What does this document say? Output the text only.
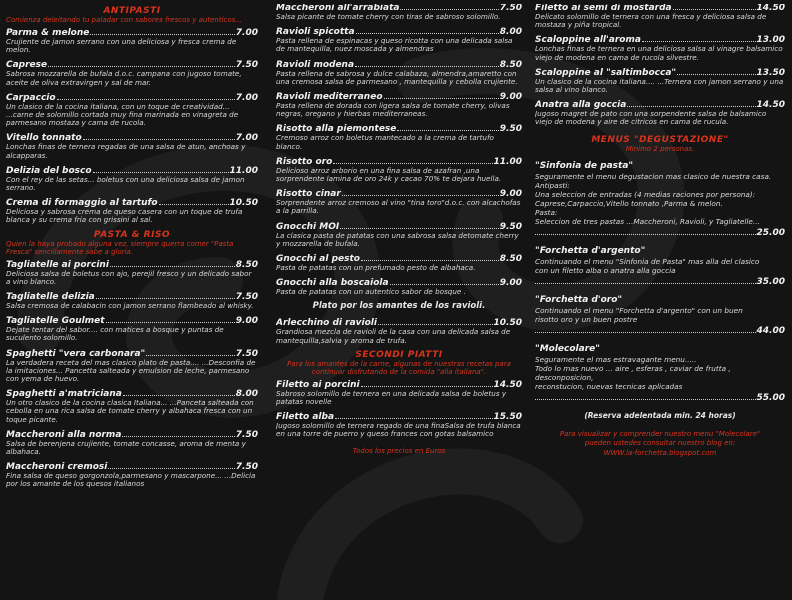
ANTIPASTI
Comienza deleitando tu paladar con sabores frescos y autenticos...
Parma & melone	7.00
Crujiente de jamon serrano con una deliciosa y fresca crema de melon.
Caprese	7.50
Sabrosa mozzarella de bufala d.o.c. campana con jugoso tomate, aceite de oliva extravirgen y sal de mar.
Carpaccio	7.00
Un clasico de la cocina italiana, con un toque de creatividad... ...carne de solomillo cortada muy fina marinada en vinagreta de parmesano mostaza y cama de rucola.
Vitello tonnato	7.00
Lonchas finas de ternera regadas de una salsa de atun, anchoas y alcapparas.
Delizia del bosco	11.00
Con el rey de las setas... boletus con una deliciosa salsa de jamon serrano.
Crema di formaggio al tartufo	10.50
Deliciosa y sabrosa crema de queso casera con un toque de trufa blanca y su crema fria con grissini al sal.
PASTA & RISO
Quien la haya probado alguna vez, siempre querra comer "Pasta Fresca" sencillamente sabe a gloria.
Tagliatelle ai porcini	8.50
Deliciosa salsa de boletus con ajo, perejil fresco y un delicado sabor a vino blanco.
Tagliatelle delizia	7.50
Salsa cremosa de calabacin con jamon serrano flambeado al whisky.
Tagliatelle Goulmet	9.00
Dejate tentar del sabor.... con matices a bosque y puntas de suculento solomillo.
Spaghetti "vera carbonara"	7.50
La verdadera receta del mas clasico plato de pasta.... ...Desconfia de la imitaciones... Pancetta salteada y emulsion de leche, parmesano con yema de huevo.
Spaghetti a'matriciana	8.00
Un otro clasico de la cocina clasica Italiana... ...Panceta salteada con cebolla en una rica salsa de tomate cherry y albahaca fresca con un toque picante.
Maccheroni alla norma	7.50
Salsa de berenjena crujiente, tomate concasse, aroma de menta y albahaca.
Maccheroni cremosi	7.50
Fina salsa de queso gorgonzola,parmesano y mascarpone... ...Delicia por los amante de los quesos italianos
Maccheroni all'arrabiata	7.50
Salsa picante de tomate cherry con tiras de sabroso solomillo.
Ravioli spicotta	8.00
Pasta rellena de espinacas y queso ricotta con una delicada salsa de mantequilla, nuez moscada y almendras
Ravioli modena	8.50
Pasta rellena de sabrosa y dulce calabaza, almendra,amaretto con una cremosa salsa de parmesano , mantequilla y cebolla crujiente.
Ravioli mediterraneo	9.00
Pasta rellena de dorada con ligera salsa de tomate cherry, olivas negras, oregano y hierbas mediterraneas.
Risotto alla piemontese	9.50
Cremoso arroz con boletus mantecado a la crema de tartufo blanco.
Risotto oro	11.00
Delicioso arroz arborio en una fina salsa de azafran ,una sorprendente lamina de oro 24k y cacao 70% te dejara huella.
Risotto cinar	9.00
Sorprendente arroz cremoso al vino "tina toro"d.o.c. con alcachofas a la parrilla.
Gnocchi MOI	9.50
La clasica pasta de patatas con una sabrosa salsa detomate cherry y mozzarella de bufala.
Gnocchi al pesto	8.50
Pasta de patatas con un prefumado pesto de albahaca.
Gnocchi alla boscaiola	9.00
Pasta de patatas con un autentico sabor de bosque .
Plato por los amantes de los ravioli.
Arlecchino di ravioli	10.50
Grandiosa mezcla de ravioli de la casa con una delicada salsa de mantequilla,salvia y aroma de trufa.
SECONDI PIATTI
Para los amantes de la carne, algunas de nuestras recetas para continuar disfrutando de la comida "alla italiana".
Filetto ai porcini	14.50
Sabroso solomillo de ternera en una delicada salsa de boletus y patatas novelle
Filetto alba	15.50
Jugoso solomillo de ternera regado de una finaSalsa de trufa blanca en una torre de puerro y queso frances con gotas balsamico
Todos los precios en Euros
Filetto ai semi di mostarda	14.50
Delicato solomillo de ternera con una fresca y deliciosa salsa de mostaza y piña tropical.
Scaloppine all'aroma	13.00
Lonchas finas de ternera en una deliciosa salsa al vinagre balsamico viejo de modena en cama de rucola silvestre.
Scaloppine al "saltimbocca"	13.50
Un clasico de la cocina italiana.... ...Ternera con jamon serrano y una salsa al vino blanco.
Anatra alla goccia	14.50
Jugoso magret de pato con una sorpendente salsa de balsamico viejo de modena y aire de citricos en cama de rucula.
MENUS "DEGUSTAZIONE"
Minimo 2 personas.
"Sinfonia de pasta"
Seguramente el menu degustacion mas clasico de nuestra casa.
Antipasti:
Una seleccion de entradas (4 medias raciones por persona):
Caprese,Carpaccio,Vitello tonnato ,Parma & melon.
Pasta:
Seleccion de tres pastas ...Maccheroni, Ravioli, y Tagliatelle...
25.00
"Forchetta d'argento"
Continuando el menu "Sinfonia de Pasta" mas alla del clasico
con un filetto alba o anatra alla goccia
35.00
"Forchetta d'oro"
Continuando el menu "Forchetta d'argento" con un buen
risotto oro y un buen postre
44.00
"Molecolare"
Seguramente el mas estravagante menu.....
Todo lo mas nuevo ... aire , esferas , caviar de frutta , desconposicion,
reconstucion, nuevas tecnicas aplicadas
55.00
(Reserva adelentada min. 24 horas)
Para visualizar y comprender nuestro menu "Molecolare"
pueden ustedes consultar nuestro blog en:
WWW.la-forchetta.blogspot.com
